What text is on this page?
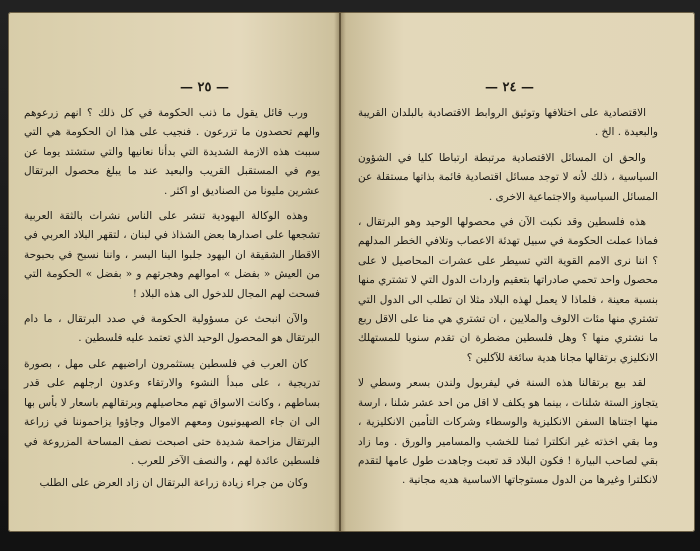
— ٢٥ —

ورب قائل يقول ما ذنب الحكومة في كل ذلك ؟ انهم زرعوهم والهم تحصدون ما تزرعون . فنجيب على هذا ان الحكومة هي التي سببت هذه الازمة الشديدة التي بدأنا نعانيها والتي ستشتد يوما عن يوم في المستقبل القريب والبعيد عند ما يبلغ محصول البرتقال عشرين مليونا من الصناديق او اكثر .

وهذه الوكالة اليهودية تنشر على الناس نشرات بالثقة العربية تشجعها على اصدارها بعض الشذاذ في لبنان ، لتقهر البلاد العربي في الاقطار الشقيقة ان اليهود جلبوا الينا اليسر ، واننا نسبح في بحبوحة من العيش « بفضل » اموالهم وهجرتهم و « بفضل » الحكومة التي فسحت لهم المجال للدخول الى هذه البلاد !

والآن انبحث عن مسؤولية الحكومة في صدد البرتقال ، ما دام البرتقال هو المحصول الوحيد الذي تعتمد عليه فلسطين .

كان العرب في فلسطين يستثمرون اراضيهم على مهل ، بصورة تدريجية ، على مبدأ النشوء والارتقاء وعدون ارجلهم على قدر بساطهم ، وكانت الاسواق تهم محاصيلهم وبرتقالهم باسعار لا بأس بها الى ان جاء الصهيونيون ومعهم الاموال وجاؤوا يزاحموننا في زراعة البرتقال مزاحمة شديدة حتى اصبحت نصف المساحة المزروعة في فلسطين عائدة لهم ، والنصف الآخر للعرب .

وكان من جراء زيادة زراعة البرتقال ان زاد العرض على الطلب

— ٢٤ —

الاقتصادية على اختلافها وتوثيق الروابط الاقتصادية بالبلدان القريبة والبعيدة . الخ .

والحق ان المسائل الاقتصادية مرتبطة ارتباطا كليا في الشؤون السياسية ، ذلك لأنه لا توجد مسائل اقتصادية قائمة بذاتها مستقلة عن المسائل السياسية والاجتماعية الاخرى .

هذه فلسطين وقد نكبت الآن في محصولها الوحيد وهو البرتقال ، فماذا عملت الحكومة في سبيل تهدئة الاعصاب وتلافي الخطر المدلهم ؟ اننا نرى الامم القوية التي تسيطر على عشرات المحاصيل لا على محصول واحد تحمي صادراتها بتعقيم واردات الدول التي لا تشتري منها بنسبة معينة ، فلماذا لا يعمل لهذه البلاد مثلا ان تطلب الى الدول التي تشتري منها مئات الالوف والملايين ، ان تشتري هي منا على الاقل ربع ما نشتري منها ؟ وهل فلسطين مضطرة ان تقدم سنويا للمستهلك الانكليزي برتقالها مجانا هدية سائغة للآكلين ؟

لقد بيع برتقالنا هذه السنة في ليفربول ولندن بسعر وسطي لا يتجاوز الستة شلنات ، بينما هو يكلف لا اقل من احد عشر شلنا ، ارسة منها اجتناها السفن الانكليزية والوسطاء وشركات التأمين الانكليزية ، وما بقي اخذته غير انكلترا ثمنا للخشب والمسامير والورق . وما زاد بقي لصاحب البيارة ! فكون البلاد قد تعبت وجاهدت طول عامها لتقدم لانكلترا وغيرها من الدول مستوجاتها الاساسية هديه مجانية .
